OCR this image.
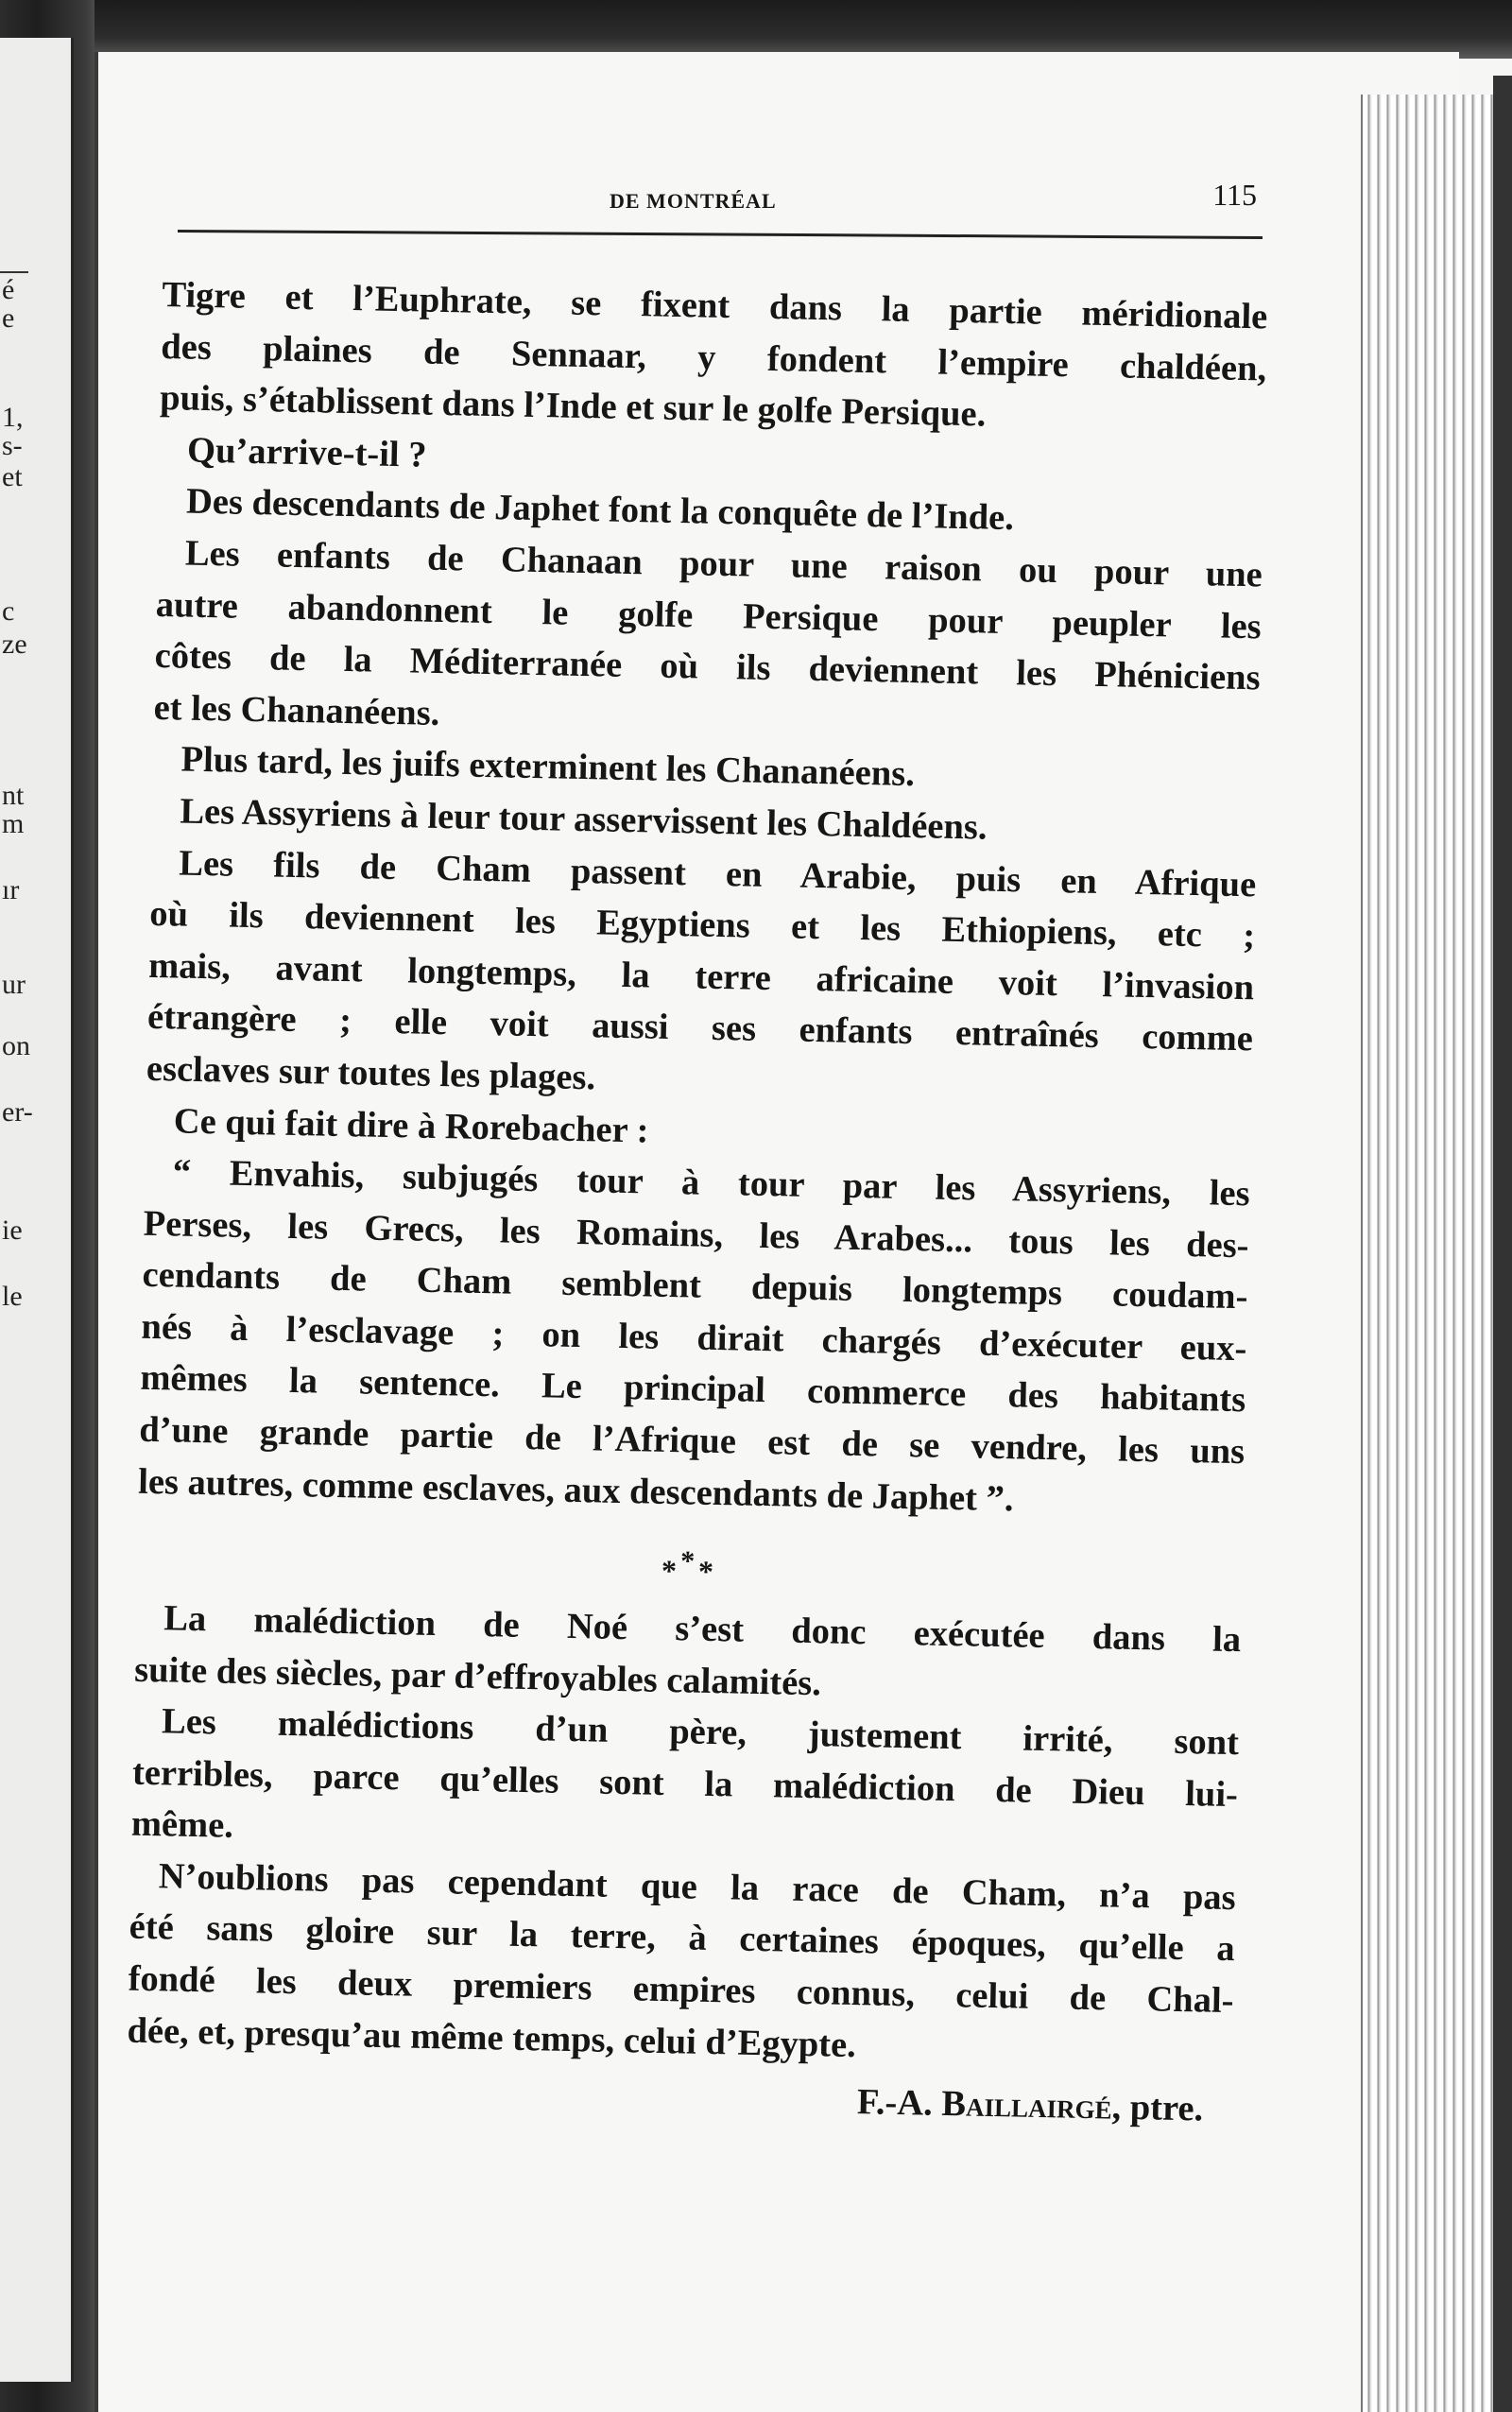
é
e
1,
s-
et
c
ze
nt
m
ır
ur
on
er-
ie
le
DE MONTRÉAL	115
Tigre et l’Euphrate, se fixent dans la partie méridionale
des plaines de Sennaar, y fondent l’empire chaldéen,
puis, s’établissent dans l’Inde et sur le golfe Persique.
Qu’arrive-t-il ?
Des descendants de Japhet font la conquête de l’Inde.
Les enfants de Chanaan pour une raison ou pour une
autre abandonnent le golfe Persique pour peupler les
côtes de la Méditerranée où ils deviennent les Phéniciens
et les Chananéens.
Plus tard, les juifs exterminent les Chananéens.
Les Assyriens à leur tour asservissent les Chaldéens.
Les fils de Cham passent en Arabie, puis en Afrique
où ils deviennent les Egyptiens et les Ethiopiens, etc ;
mais, avant longtemps, la terre africaine voit l’invasion
étrangère ; elle voit aussi ses enfants entraînés comme
esclaves sur toutes les plages.
Ce qui fait dire à Rorebacher :
“ Envahis, subjugés tour à tour par les Assyriens, les
Perses, les Grecs, les Romains, les Arabes... tous les des-
cendants de Cham semblent depuis longtemps coudam-
nés à l’esclavage ; on les dirait chargés d’exécuter eux-
mêmes la sentence. Le principal commerce des habitants
d’une grande partie de l’Afrique est de se vendre, les uns
les autres, comme esclaves, aux descendants de Japhet ”.
***
La malédiction de Noé s’est donc exécutée dans la
suite des siècles, par d’effroyables calamités.
Les malédictions d’un père, justement irrité, sont
terribles, parce qu’elles sont la malédiction de Dieu lui-
même.
N’oublions pas cependant que la race de Cham, n’a pas
été sans gloire sur la terre, à certaines époques, qu’elle a
fondé les deux premiers empires connus, celui de Chal-
dée, et, presqu’au même temps, celui d’Egypte.
F.-A. Baillairgé, ptre.
